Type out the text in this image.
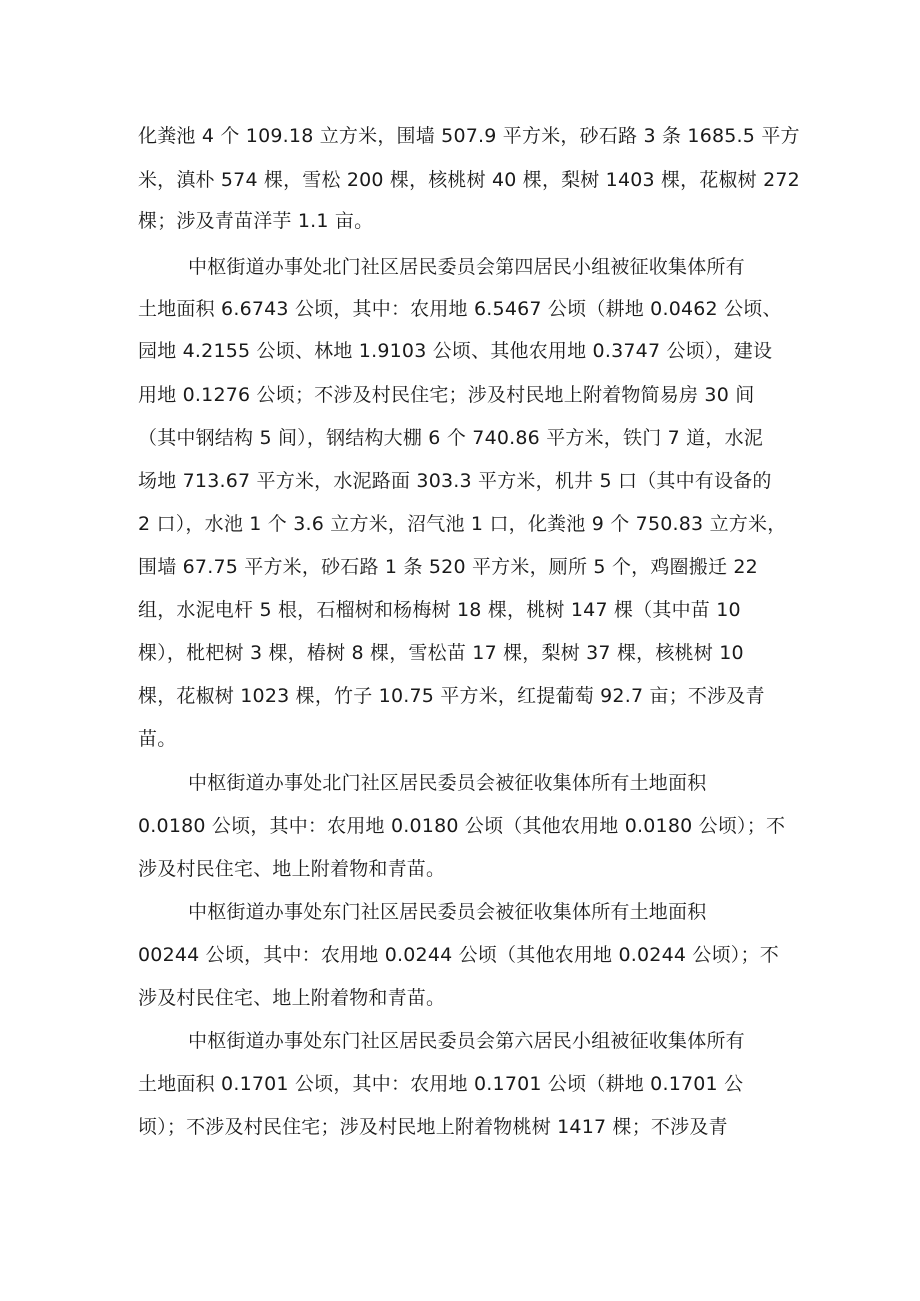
化粪池 4 个 109.18 立方米，围墙 507.9 平方米，砂石路 3 条 1685.5 平方

米，滇朴 574 棵，雪松 200 棵，核桃树 40 棵，梨树 1403 棵，花椒树 272

棵；涉及青苗洋芋 1.1 亩。

中枢街道办事处北门社区居民委员会第四居民小组被征收集体所有

土地面积 6.6743 公顷，其中：农用地 6.5467 公顷（耕地 0.0462 公顷、

园地 4.2155 公顷、林地 1.9103 公顷、其他农用地 0.3747 公顷），建设

用地 0.1276 公顷；不涉及村民住宅；涉及村民地上附着物简易房 30 间

（其中钢结构 5 间），钢结构大棚 6 个 740.86 平方米，铁门 7 道，水泥

场地 713.67 平方米，水泥路面 303.3 平方米，机井 5 口（其中有设备的

2 口），水池 1 个 3.6 立方米，沼气池 1 口，化粪池 9 个 750.83 立方米，

围墙 67.75 平方米，砂石路 1 条 520 平方米，厕所 5 个，鸡圈搬迁 22

组，水泥电杆 5 根，石榴树和杨梅树 18 棵，桃树 147 棵（其中苗 10

棵），枇杷树 3 棵，椿树 8 棵，雪松苗 17 棵，梨树 37 棵，核桃树 10

棵，花椒树 1023 棵，竹子 10.75 平方米，红提葡萄 92.7 亩；不涉及青

苗。

中枢街道办事处北门社区居民委员会被征收集体所有土地面积

0.0180 公顷，其中：农用地 0.0180 公顷（其他农用地 0.0180 公顷）；不

涉及村民住宅、地上附着物和青苗。

中枢街道办事处东门社区居民委员会被征收集体所有土地面积

00244 公顷，其中：农用地 0.0244 公顷（其他农用地 0.0244 公顷）；不

涉及村民住宅、地上附着物和青苗。

中枢街道办事处东门社区居民委员会第六居民小组被征收集体所有

土地面积 0.1701 公顷，其中：农用地 0.1701 公顷（耕地 0.1701 公

顷）；不涉及村民住宅；涉及村民地上附着物桃树 1417 棵；不涉及青
